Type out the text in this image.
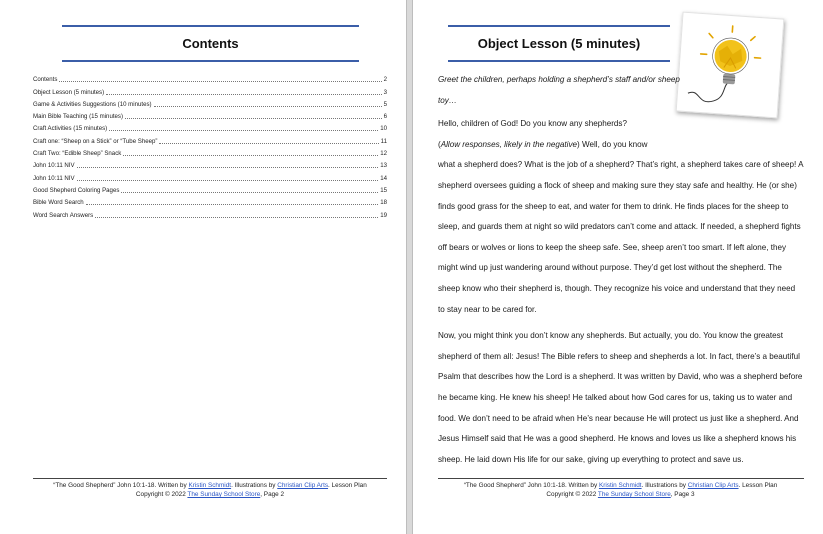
Contents
Contents	2
Object Lesson (5 minutes)	3
Game & Activities Suggestions (10 minutes)	5
Main Bible Teaching (15 minutes)	6
Craft Activities (15 minutes)	10
Craft one: “Sheep on a Stick” or “Tube Sheep”	11
Craft Two: “Edible Sheep” Snack	12
John 10:11 NIV	13
John 10:11 NIV	14
Good Shepherd Coloring Pages	15
Bible Word Search	18
Word Search Answers	19
“The Good Shepherd” John 10:1-18. Written by Kristin Schmidt. Illustrations by Christian Clip Arts. Lesson Plan
Copyright © 2022 The Sunday School Store, Page 2
Object Lesson (5 minutes)

Greet the children, perhaps holding a shepherd’s staff and/or sheep toy…

Hello, children of God! Do you know any shepherds?
(Allow responses, likely in the negative) Well, do you know
what a shepherd does? What is the job of a shepherd? That’s right, a shepherd takes care of sheep! A shepherd oversees guiding a flock of sheep and making sure they stay safe and healthy. He (or she) finds good grass for the sheep to eat, and water for them to drink. He finds places for the sheep to sleep, and guards them at night so wild predators can’t come and attack. If needed, a shepherd fights off bears or wolves or lions to keep the sheep safe. See, sheep aren’t too smart. If left alone, they might wind up just wandering around without purpose. They’d get lost without the shepherd. The sheep know who their shepherd is, though. They recognize his voice and understand that they need to stay near to be cared for.

Now, you might think you don’t know any shepherds. But actually, you do. You know the greatest shepherd of them all: Jesus! The Bible refers to sheep and shepherds a lot. In fact, there’s a beautiful Psalm that describes how the Lord is a shepherd. It was written by David, who was a shepherd before he became king. He knew his sheep! He talked about how God cares for us, taking us to water and food. We don’t need to be afraid when He’s near because He will protect us just like a shepherd. And Jesus Himself said that He was a good shepherd. He knows and loves us like a shepherd knows his sheep. He laid down His life for our sake, giving up everything to protect and save us.

“The Good Shepherd” John 10:1-18. Written by Kristin Schmidt. Illustrations by Christian Clip Arts. Lesson Plan
Copyright © 2022 The Sunday School Store, Page 3
